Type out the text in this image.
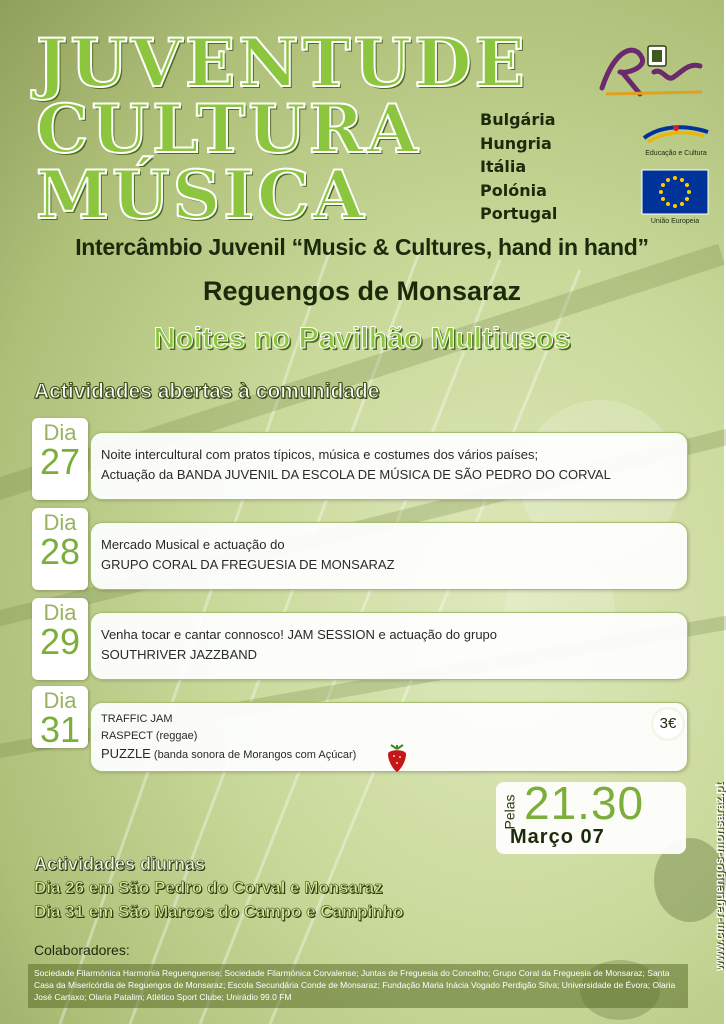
JUVENTUDE
CULTURA
MÚSICA
Bulgária
Hungria
Itália
Polónia
Portugal
Educação e Cultura
União Europeia
Intercâmbio Juvenil “Music & Cultures, hand in hand”
Reguengos de Monsaraz
Noites no Pavilhão Multiusos
Actividades abertas à comunidade
Dia
27	Noite intercultural com pratos típicos, música e costumes dos vários países;
Actuação da BANDA JUVENIL DA ESCOLA DE MÚSICA DE SÃO PEDRO DO CORVAL
Dia
28	Mercado Musical e actuação do
GRUPO CORAL DA FREGUESIA DE MONSARAZ
Dia
29	Venha tocar e cantar connosco! JAM SESSION e actuação do grupo
SOUTHRIVER JAZZBAND
Dia
31	TRAFFIC JAM
RASPECT (reggae)
PUZZLE (banda sonora de Morangos com Açúcar)
3€
Pelas 21.30
Março 07
Actividades diurnas
Dia 26 em São Pedro do Corval e Monsaraz
Dia 31 em São Marcos do Campo e Campinho
Colaboradores:
Sociedade Filarmónica Harmonia Reguenguense; Sociedade Filarmónica Corvalense; Juntas de Freguesia do Concelho; Grupo Coral da Freguesia de Monsaraz; Santa Casa da Misericórdia de Reguengos de Monsaraz; Escola Secundária Conde de Monsaraz; Fundação Maria Inácia Vogado Perdigão Silva; Universidade de Évora; Olaria José Cartaxo; Olaria Patalim; Atlético Sport Clube; Unirádio 99.0 FM
www.cm-reguengos-monsaraz.pt
